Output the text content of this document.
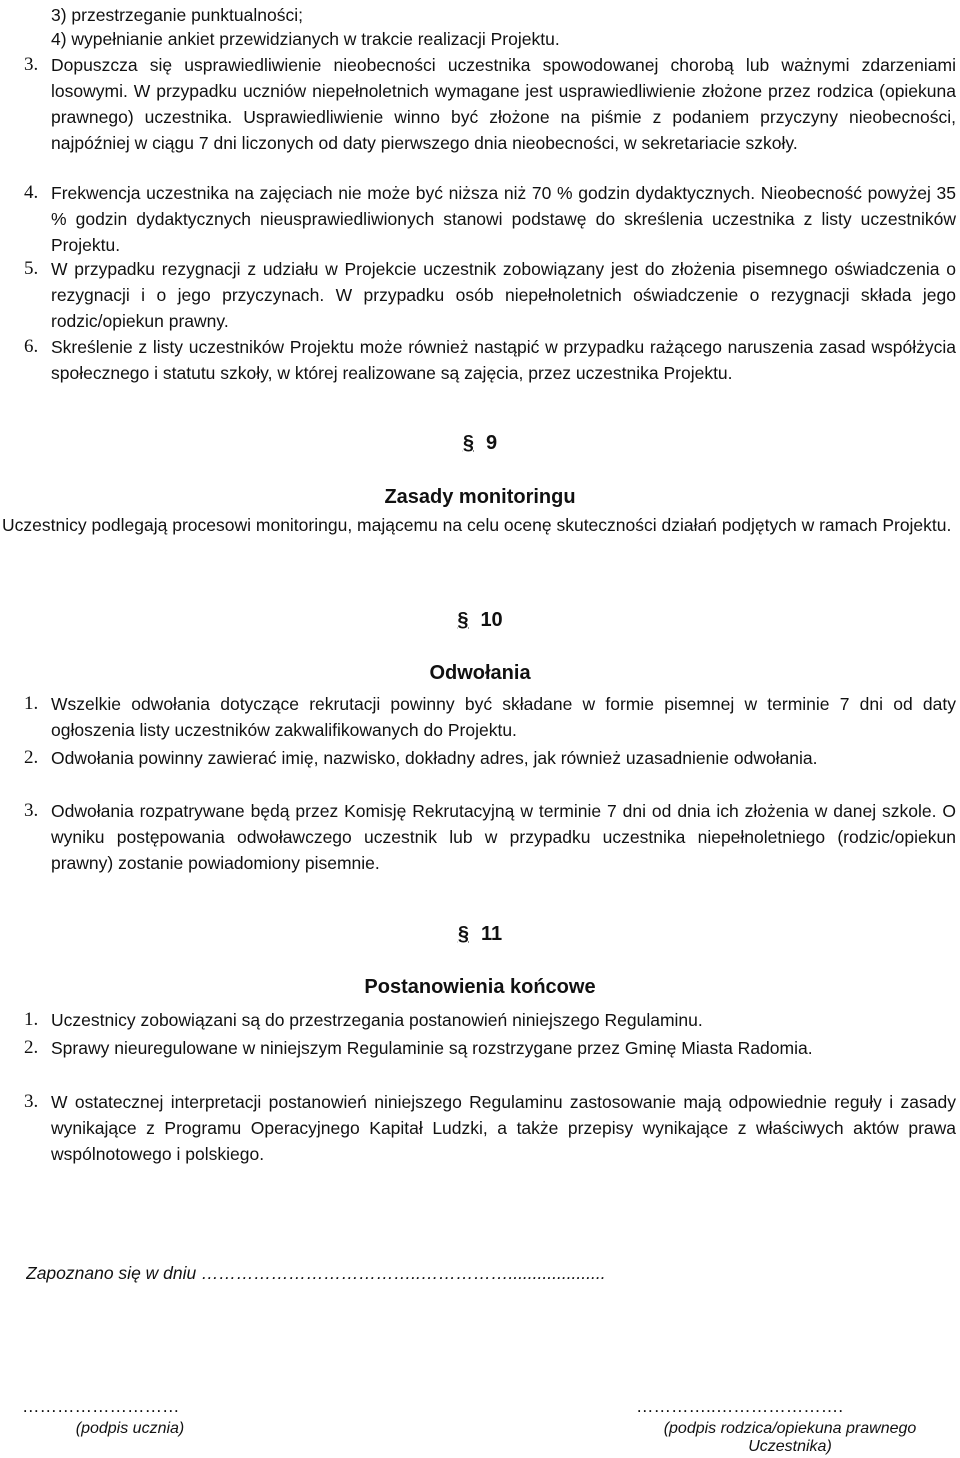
3) przestrzeganie punktualności;
4) wypełnianie ankiet przewidzianych w trakcie realizacji Projektu.
3. Dopuszcza się usprawiedliwienie nieobecności uczestnika spowodowanej chorobą lub ważnymi zdarzeniami losowymi. W przypadku uczniów niepełnoletnich wymagane jest usprawiedliwienie złożone przez rodzica (opiekuna prawnego) uczestnika. Usprawiedliwienie winno być złożone na piśmie z podaniem przyczyny nieobecności, najpóźniej w ciągu 7 dni liczonych od daty pierwszego dnia nieobecności, w sekretariacie szkoły.
4. Frekwencja uczestnika na zajęciach nie może być niższa niż 70 % godzin dydaktycznych. Nieobecność powyżej 35 % godzin dydaktycznych nieusprawiedliwionych stanowi podstawę do skreślenia uczestnika z listy uczestników Projektu.
5. W przypadku rezygnacji z udziału w Projekcie uczestnik zobowiązany jest do złożenia pisemnego oświadczenia o rezygnacji i o jego przyczynach. W przypadku osób niepełnoletnich oświadczenie o rezygnacji składa jego rodzic/opiekun prawny.
6. Skreślenie z listy uczestników Projektu może również nastąpić w przypadku rażącego naruszenia zasad współżycia społecznego i statutu szkoły, w której realizowane są zajęcia, przez uczestnika Projektu.
§ 9
Zasady monitoringu
Uczestnicy podlegają procesowi monitoringu, mającemu na celu ocenę skuteczności działań podjętych w ramach Projektu.
§ 10
Odwołania
1. Wszelkie odwołania dotyczące rekrutacji powinny być składane w formie pisemnej w terminie 7 dni od daty ogłoszenia listy uczestników zakwalifikowanych do Projektu.
2. Odwołania powinny zawierać imię, nazwisko, dokładny adres, jak również uzasadnienie odwołania.
3. Odwołania rozpatrywane będą przez Komisję Rekrutacyjną w terminie 7 dni od dnia ich złożenia w danej szkole. O wyniku postępowania odwoławczego uczestnik lub w przypadku uczestnika niepełnoletniego (rodzic/opiekun prawny) zostanie powiadomiony pisemnie.
§ 11
Postanowienia końcowe
1. Uczestnicy zobowiązani są do przestrzegania postanowień niniejszego Regulaminu.
2. Sprawy nieuregulowane w niniejszym Regulaminie są rozstrzygane przez Gminę Miasta Radomia.
3. W ostatecznej interpretacji postanowień niniejszego Regulaminu zastosowanie mają odpowiednie reguły i zasady wynikające z Programu Operacyjnego Kapitał Ludzki, a także przepisy wynikające z właściwych aktów prawa wspólnotowego i polskiego.
Zapoznano się w dniu ………………………………..……………....................
………………………
(podpis ucznia)
…………..………………….
(podpis rodzica/opiekuna prawnego
Uczestnika)
